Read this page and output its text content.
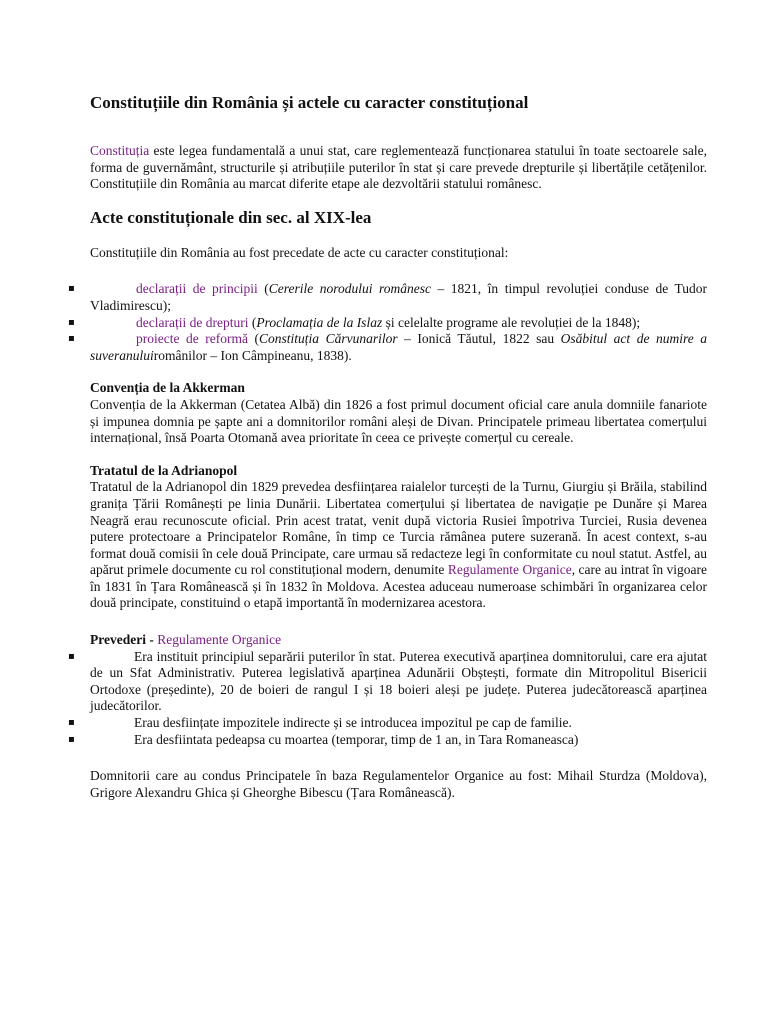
Constituțiile din România și actele cu caracter constituțional

Constituția este legea fundamentală a unui stat, care reglementează funcționarea statului în toate sectoarele sale, forma de guvernământ, structurile și atribuțiile puterilor în stat și care prevede drepturile și libertățile cetățenilor. Constituțiile din România au marcat diferite etape ale dezvoltării statului românesc.

Acte constituționale din sec. al XIX-lea

Constituțiile din România au fost precedate de acte cu caracter constituțional:

▪	declarații de principii (Cererile norodului românesc – 1821, în timpul revoluției conduse de Tudor Vladimirescu);
▪	declarații de drepturi (Proclamația de la Islaz și celelalte programe ale revoluției de la 1848);
▪	proiecte de reformă (Constituția Cărvunarilor – Ionică Tăutul, 1822 sau Osăbitul act de numire a suveranuluiromânilor – Ion Câmpineanu, 1838).
Convenția de la Akkerman

Convenția de la Akkerman (Cetatea Albă) din 1826 a fost primul document oficial care anula domniile fanariote și impunea domnia pe șapte ani a domnitorilor români aleși de Divan. Principatele primeau libertatea comerțului internațional, însă Poarta Otomană avea prioritate în ceea ce privește comerțul cu cereale.

Tratatul de la Adrianopol

Tratatul de la Adrianopol din 1829 prevedea desființarea raialelor turcești de la Turnu, Giurgiu și Brăila, stabilind granița Țării Românești pe linia Dunării. Libertatea comerțului și libertatea de navigație pe Dunăre și Marea Neagră erau recunoscute oficial. Prin acest tratat, venit după victoria Rusiei împotriva Turciei, Rusia devenea putere protectoare a Principatelor Române, în timp ce Turcia rămânea putere suzerană. În acest context, s-au format două comisii în cele două Principate, care urmau să redacteze legi în conformitate cu noul statut. Astfel, au apărut primele documente cu rol constituțional modern, denumite Regulamente Organice, care au intrat în vigoare în 1831 în Țara Românească și în 1832 în Moldova. Acestea aduceau numeroase schimbări în organizarea celor două principate, constituind o etapă importantă în modernizarea acestora.

Prevederi - Regulamente Organice
▪	Era instituit principiul separării puterilor în stat. Puterea executivă aparținea domnitorului, care era ajutat de un Sfat Administrativ. Puterea legislativă aparținea Adunării Obștești, formate din Mitropolitul Bisericii Ortodoxe (președinte), 20 de boieri de rangul I și 18 boieri aleși pe județe. Puterea judecătorească aparținea judecătorilor.
▪	Erau desființate impozitele indirecte și se introducea impozitul pe cap de familie.
▪	Era desfiintata pedeapsa cu moartea (temporar, timp de 1 an, in Tara Romaneasca)

Domnitorii care au condus Principatele în baza Regulamentelor Organice au fost: Mihail Sturdza (Moldova), Grigore Alexandru Ghica și Gheorghe Bibescu (Țara Românească).
